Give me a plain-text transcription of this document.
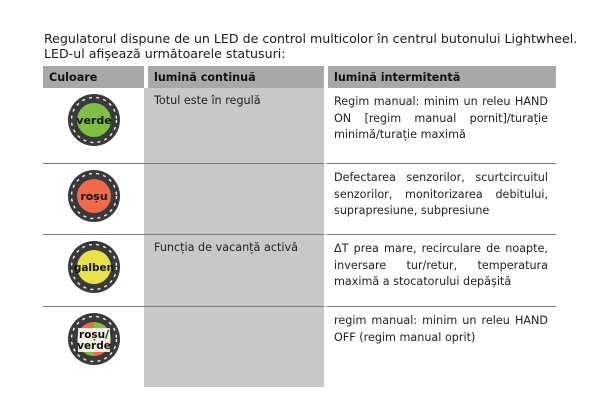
Regulatorul dispune de un LED de control multicolor în centrul butonului Lightwheel.

LED-ul afișează următoarele statusuri:

Culoare	lumină continuă	lumină intermitentă

verde	Totul este în regulă	Regim manual: minim un releu HAND ON [regim manual pornit]/turație minimă/turație maximă

roșu		Defectarea senzorilor, scurtcircuitul senzorilor, monitorizarea debitului, suprapresiune, subpresiune

galben	Funcția de vacanță activă	ΔT prea mare, recirculare de noapte, inversare tur/retur, temperatura maximă a stocatorului depășită

roșu/
verde		regim manual: minim un releu HAND OFF (regim manual oprit)
